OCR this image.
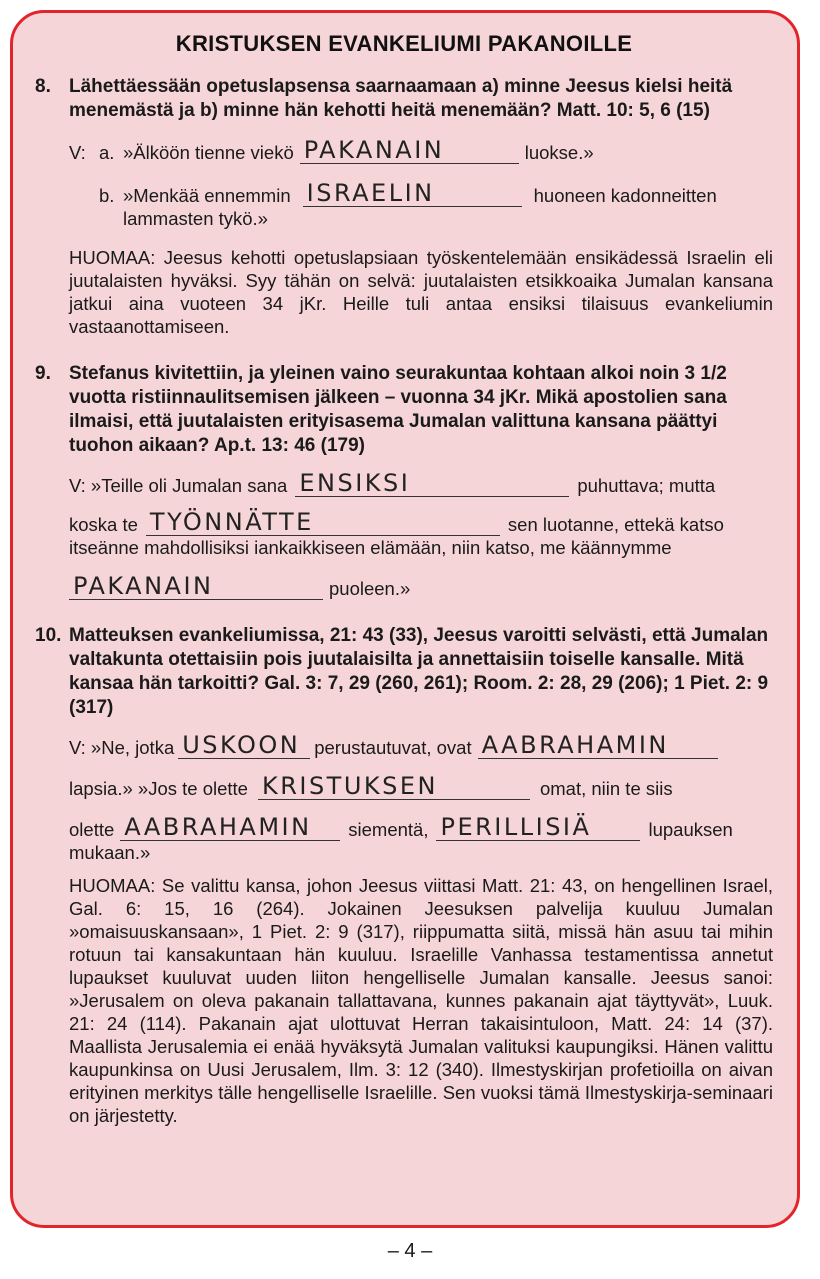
KRISTUKSEN EVANKELIUMI PAKANOILLE
8. Lähettäessään opetuslapsensa saarnaamaan a) minne Jeesus kielsi heitä menemästä ja b) minne hän kehotti heitä menemään? Matt. 10: 5, 6 (15)
V: a. »Älköön tienne viekö PAKANAIN	luokse.»
b. »Menkää ennemmin ISRAELIN	huoneen kadonneitten
lammasten tykö.»
HUOMAA: Jeesus kehotti opetuslapsiaan työskentelemään ensikädessä Israelin eli juutalaisten hyväksi. Syy tähän on selvä: juutalaisten etsikkoaika Jumalan kansana jatkui aina vuoteen 34 jKr. Heille tuli antaa ensiksi tilaisuus evankeliumin vastaanottamiseen.
9. Stefanus kivitettiin, ja yleinen vaino seurakuntaa kohtaan alkoi noin 3 1/2 vuotta ristiinnaulitsemisen jälkeen – vuonna 34 jKr. Mikä apostolien sana ilmaisi, että juutalaisten erityisasema Jumalan valittuna kansana päättyi tuohon aikaan? Ap.t. 13: 46 (179)
V: »Teille oli Jumalan sana ENSIKSI	puhuttava; mutta
koska te TYÖNNÄTTE	sen luotanne, ettekä katso
itseänne mahdollisiksi iankaikkiseen elämään, niin katso, me käännymme
PAKANAIN	puoleen.»
10. Matteuksen evankeliumissa, 21: 43 (33), Jeesus varoitti selvästi, että Jumalan valtakunta otettaisiin pois juutalaisilta ja annettaisiin toiselle kansalle. Mitä kansaa hän tarkoitti? Gal. 3: 7, 29 (260, 261); Room. 2: 28, 29 (206); 1 Piet. 2: 9 (317)
V: »Ne, jotka USKOON perustautuvat, ovat AABRAHAMIN
lapsia.» »Jos te olette KRISTUKSEN	omat, niin te siis
olette AABRAHAMIN	siementä, PERILLISIÄ	lupauksen
mukaan.»
HUOMAA: Se valittu kansa, johon Jeesus viittasi Matt. 21: 43, on hengellinen Israel, Gal. 6: 15, 16 (264). Jokainen Jeesuksen palvelija kuuluu Jumalan »omaisuuskansaan», 1 Piet. 2: 9 (317), riippumatta siitä, missä hän asuu tai mihin rotuun tai kansakuntaan hän kuuluu. Israelille Vanhassa testamentissa annetut lupaukset kuuluvat uuden liiton hengelliselle Jumalan kansalle. Jeesus sanoi: »Jerusalem on oleva pakanain tallattavana, kunnes pakanain ajat täyttyvät», Luuk. 21: 24 (114). Pakanain ajat ulottuvat Herran takaisintuloon, Matt. 24: 14 (37). Maallista Jerusalemia ei enää hyväksytä Jumalan valituksi kaupungiksi. Hänen valittu kaupunkinsa on Uusi Jerusalem, Ilm. 3: 12 (340). Ilmestyskirjan profetioilla on aivan erityinen merkitys tälle hengelliselle Israelille. Sen vuoksi tämä Ilmestyskirja-seminaari on järjestetty.
– 4 –
